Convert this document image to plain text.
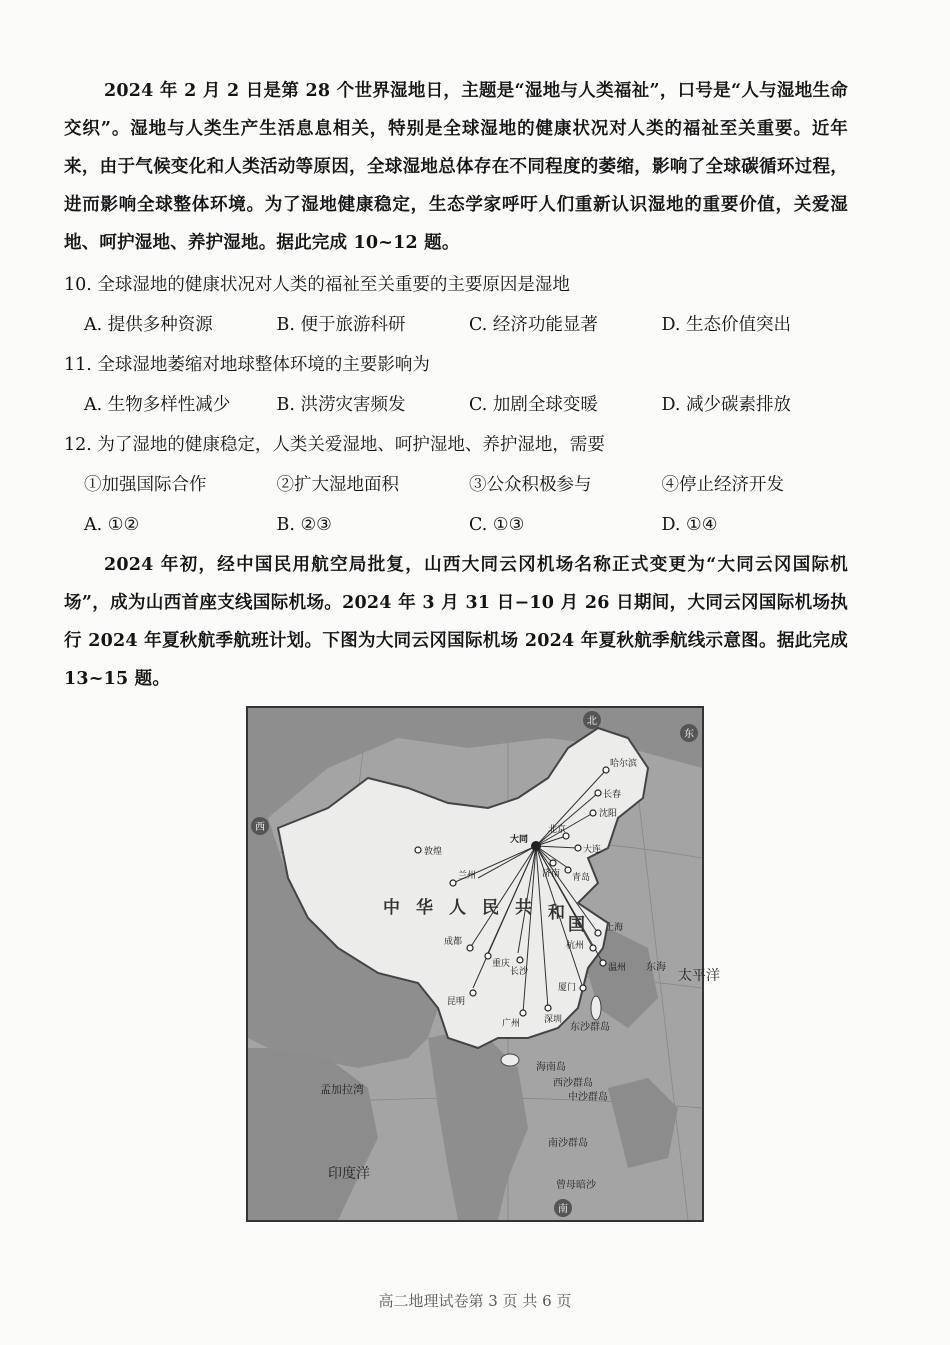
2024 年 2 月 2 日是第 28 个世界湿地日，主题是“湿地与人类福祉”，口号是“人与湿地生命交织”。湿地与人类生产生活息息相关，特别是全球湿地的健康状况对人类的福祉至关重要。近年来，由于气候变化和人类活动等原因，全球湿地总体存在不同程度的萎缩，影响了全球碳循环过程，进而影响全球整体环境。为了湿地健康稳定，生态学家呼吁人们重新认识湿地的重要价值，关爱湿地、呵护湿地、养护湿地。据此完成 10~12 题。
10. 全球湿地的健康状况对人类的福祉至关重要的主要原因是湿地
A. 提供多种资源	B. 便于旅游科研	C. 经济功能显著	D. 生态价值突出
11. 全球湿地萎缩对地球整体环境的主要影响为
A. 生物多样性减少	B. 洪涝灾害频发	C. 加剧全球变暖	D. 减少碳素排放
12. 为了湿地的健康稳定，人类关爱湿地、呵护湿地、养护湿地，需要
①加强国际合作	②扩大湿地面积	③公众积极参与	④停止经济开发
A. ①②	B. ②③	C. ①③	D. ①④
2024 年初，经中国民用航空局批复，山西大同云冈机场名称正式变更为“大同云冈国际机场”，成为山西首座支线国际机场。2024 年 3 月 31 日−10 月 26 日期间，大同云冈国际机场执行 2024 年夏秋航季航班计划。下图为大同云冈国际机场 2024 年夏秋航季航线示意图。据此完成 13~15 题。
敦煌
兰州
成都
重庆
昆明
长沙
广州	深圳
上海
杭州
温州
厦门
沈阳
长春
哈尔滨
大连
青岛
济南
北京
大同
中 华 人 民 共 和
国
东海
太平洋
孟加拉湾
印度洋
海南岛
东沙群岛
西沙群岛
中沙群岛
南沙群岛
曾母暗沙
北
东
西
南
高二地理试卷第 3 页 共 6 页
